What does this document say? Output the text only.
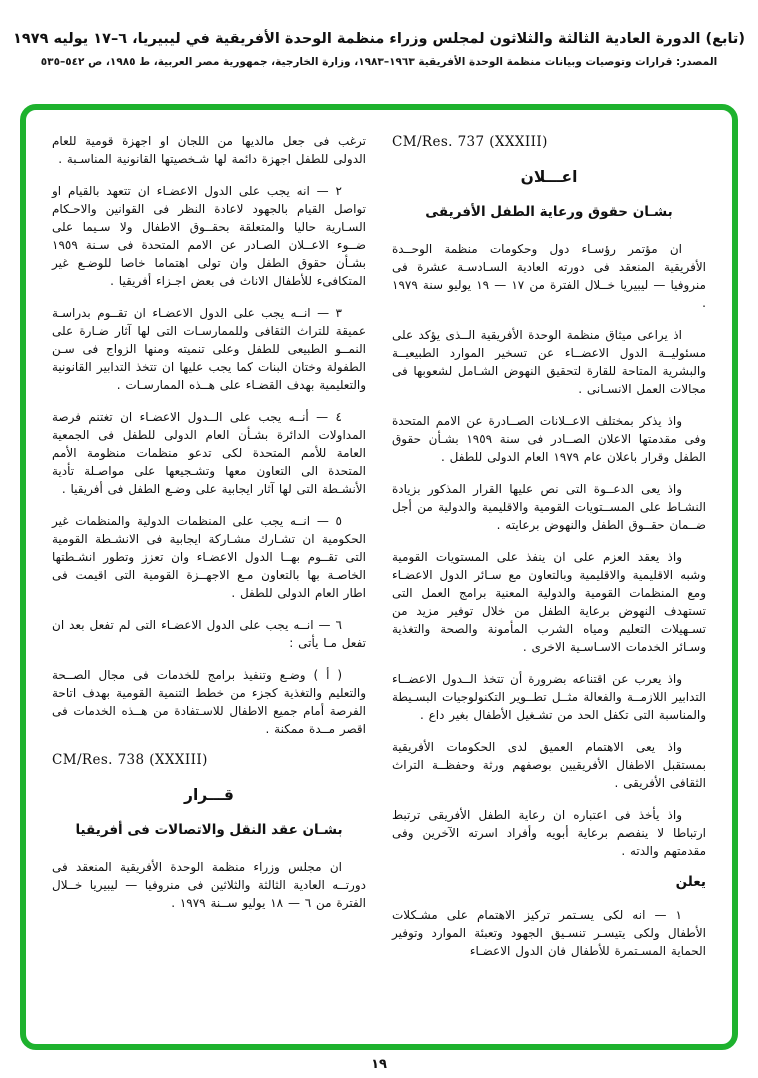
(تابع) الدورة العادية الثالثة والثلاثون لمجلس وزراء منظمة الوحدة الأفريقية في ليبيريا، ٦–١٧ يوليه ١٩٧٩
المصدر: قرارات وتوصيات وبيانات منظمة الوحدة الأفريقية ١٩٦٣–١٩٨٣، وزارة الخارجية، جمهورية مصر العربية، ط ١٩٨٥، ص ٥٤٢–٥٣٥
CM/Res. 737 (XXXIII)
اعـــلان
بشـان حقوق ورعاية الطفل الأفريقى

ان مؤتمر رؤسـاء دول وحكومات منظمة الوحــدة الأفريقية المنعقد فى دورته العادية السـادسـة عشرة فى منروفيا — ليبيريا خــلال الفترة من ١٧ — ١٩ يوليو سنة ١٩٧٩ .

اذ يراعى ميثاق منظمة الوحدة الأفريقية الــذى يؤكد على مسئوليــة الدول الاعضــاء عن تسخير الموارد الطبيعيــة والبشرية المتاحة للقارة لتحقيق النهوض الشـامل لشعوبها فى مجالات العمل الانسـانى .

واذ يذكر بمختلف الاعــلانات الصــادرة عن الامم المتحدة وفى مقدمتها الاعلان الصــادر فى سنة ١٩٥٩ بشـأن حقوق الطفل وقرار باعلان عام ١٩٧٩ العام الدولى للطفل .

واذ يعى الدعــوة التى نص عليها القرار المذكور بزيادة النشـاط على المســتويات القومية والاقليمية والدولية من أجل ضــمان حقــوق الطفل والنهوض برعايته .

واذ يعقد العزم على ان ينفذ على المستويات القومية وشبه الاقليمية والاقليمية وبالتعاون مع سـائر الدول الاعضـاء ومع المنظمات القومية والدولية المعنية برامج العمل التى تستهدف النهوض برعاية الطفل من خلال توفير مزيد من تسـهيلات التعليم ومياه الشرب المأمونة والصحة والتغذية وسـائر الخدمات الاسـاسـية الاخرى .

واذ يعرب عن اقتناعه بضرورة أن تتخذ الــدول الاعضــاء التدابير اللازمــة والفعالة مثــل تطــوير التكنولوجيات البسـيطة والمناسبة التى تكفل الحد من تشـغيل الأطفال بغير داع .

واذ يعى الاهتمام العميق لدى الحكومات الأفريقية بمستقبل الاطفال الأفريقيين بوصفهم ورثة وحفظــة التراث الثقافى الأفريقى .

واذ يأخذ فى اعتباره ان رعاية الطفل الأفريقى ترتبط ارتباطا لا ينفصم برعاية أبويه وأفراد اسرته الآخرين وفى مقدمتهم والدته .

يعلن

١ — انه لكى يسـتمر تركيز الاهتمام على مشـكلات الأطفال ولكى يتيسـر تنسـيق الجهود وتعبئة الموارد وتوفير الحماية المسـتمرة للأطفال فان الدول الاعضـاء

ترغب فى جعل مالديها من اللجان او اجهزة قومية للعام الدولى للطفل اجهزة دائمة لها شـخصيتها القانونية المناسـبة .

٢ — انه يجب على الدول الاعضـاء ان تتعهد بالقيام او تواصل القيام بالجهود لاعادة النظر فى القوانين والاحـكام السـارية حاليا والمتعلقة بحقــوق الاطفال ولا سـيما على ضــوء الاعــلان الصـادر عن الامم المتحدة فى سـنة ١٩٥٩ بشـأن حقوق الطفل وان تولى اهتماما خاصا للوضـع غير المتكافىء للأطفال الاناث فى بعض اجـزاء أفريقيا .

٣ — انــه يجب على الدول الاعضـاء ان تقــوم بدراسـة عميقة للتراث الثقافى وللممارسـات التى لها آثار ضـارة على النمــو الطبيعى للطفل وعلى تنميته ومنها الزواج فى سـن الطفولة وختان البنات كما يجب عليها ان تتخذ التدابير القانونية والتعليمية بهدف القضـاء على هــذه الممارسـات .

٤ — أنــه يجب على الــدول الاعضـاء ان تغتنم فرصة المداولات الدائرة بشـأن العام الدولى للطفل فى الجمعية العامة للأمم المتحدة لكى تدعو منظمات منظومة الأمم المتحدة الى التعاون معها وتشـجيعها على مواصـلة تأدية الأنشـطة التى لها آثار ايجابية على وضـع الطفل فى أفريقيا .

٥ — انــه يجب على المنظمات الدولية والمنظمات غير الحكومية ان تشـارك مشـاركة ايجابية فى الانشـطة القومية التى تقــوم بهــا الدول الاعضـاء وان تعزز وتطور انشـطتها الخاصـة بها بالتعاون مـع الاجهــزة القومية التى اقيمت فى اطار العام الدولى للطفل .

٦ — انــه يجب على الدول الاعضـاء التى لم تفعل بعد ان تفعل مـا يأتى :

( أ ) وضـع وتنفيذ برامج للخدمات فى مجال الصــحة والتعليم والتغذية كجزء من خطط التنمية القومية بهدف اتاحة الفرصة أمام جميع الاطفال للاسـتفادة من هــذه الخدمات فى اقصر مــدة ممكنة .

CM/Res. 738 (XXXIII)
قـــرار
بشـان عقد النقل والاتصالات فى أفريقيا

ان مجلس وزراء منظمة الوحدة الأفريقية المنعقد فى دورتــه العادية الثالثة والثلاثين فى منروفيا — ليبيريا خــلال الفترة من ٦ — ١٨ يوليو ســنة ١٩٧٩ .

١٩
